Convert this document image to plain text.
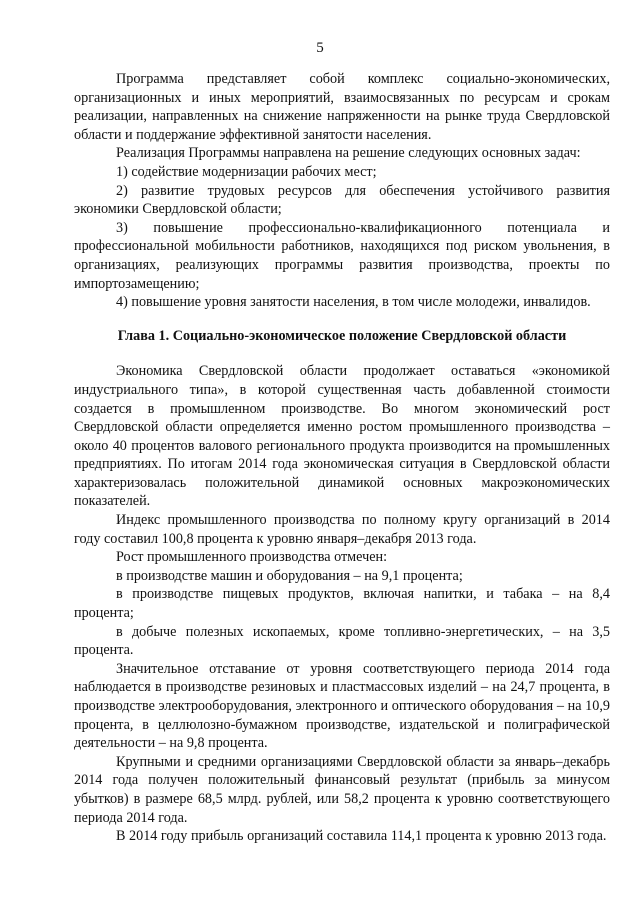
5

Программа представляет собой комплекс социально-экономических, организационных и иных мероприятий, взаимосвязанных по ресурсам и срокам реализации, направленных на снижение напряженности на рынке труда Свердловской области и поддержание эффективной занятости населения.

Реализация Программы направлена на решение следующих основных задач:

1) содействие модернизации рабочих мест;

2) развитие трудовых ресурсов для обеспечения устойчивого развития экономики Свердловской области;

3) повышение профессионально-квалификационного потенциала и профессиональной мобильности работников, находящихся под риском увольнения, в организациях, реализующих программы развития производства, проекты по импортозамещению;

4) повышение уровня занятости населения, в том числе молодежи, инвалидов.

Глава 1. Социально-экономическое положение Свердловской области

Экономика Свердловской области продолжает оставаться «экономикой индустриального типа», в которой существенная часть добавленной стоимости создается в промышленном производстве. Во многом экономический рост Свердловской области определяется именно ростом промышленного производства – около 40 процентов валового регионального продукта производится на промышленных предприятиях. По итогам 2014 года экономическая ситуация в Свердловской области характеризовалась положительной динамикой основных макроэкономических показателей.

Индекс промышленного производства по полному кругу организаций в 2014 году составил 100,8 процента к уровню января–декабря 2013 года.

Рост промышленного производства отмечен:

в производстве машин и оборудования – на 9,1 процента;

в производстве пищевых продуктов, включая напитки, и табака – на 8,4 процента;

в добыче полезных ископаемых, кроме топливно-энергетических, – на 3,5 процента.

Значительное отставание от уровня соответствующего периода 2014 года наблюдается в производстве резиновых и пластмассовых изделий – на 24,7 процента, в производстве электрооборудования, электронного и оптического оборудования – на 10,9 процента, в целлюлозно-бумажном производстве, издательской и полиграфической деятельности – на 9,8 процента.

Крупными и средними организациями Свердловской области за январь–декабрь 2014 года получен положительный финансовый результат (прибыль за минусом убытков) в размере 68,5 млрд. рублей, или 58,2 процента к уровню соответствующего периода 2014 года.

В 2014 году прибыль организаций составила 114,1 процента к уровню 2013 года.
